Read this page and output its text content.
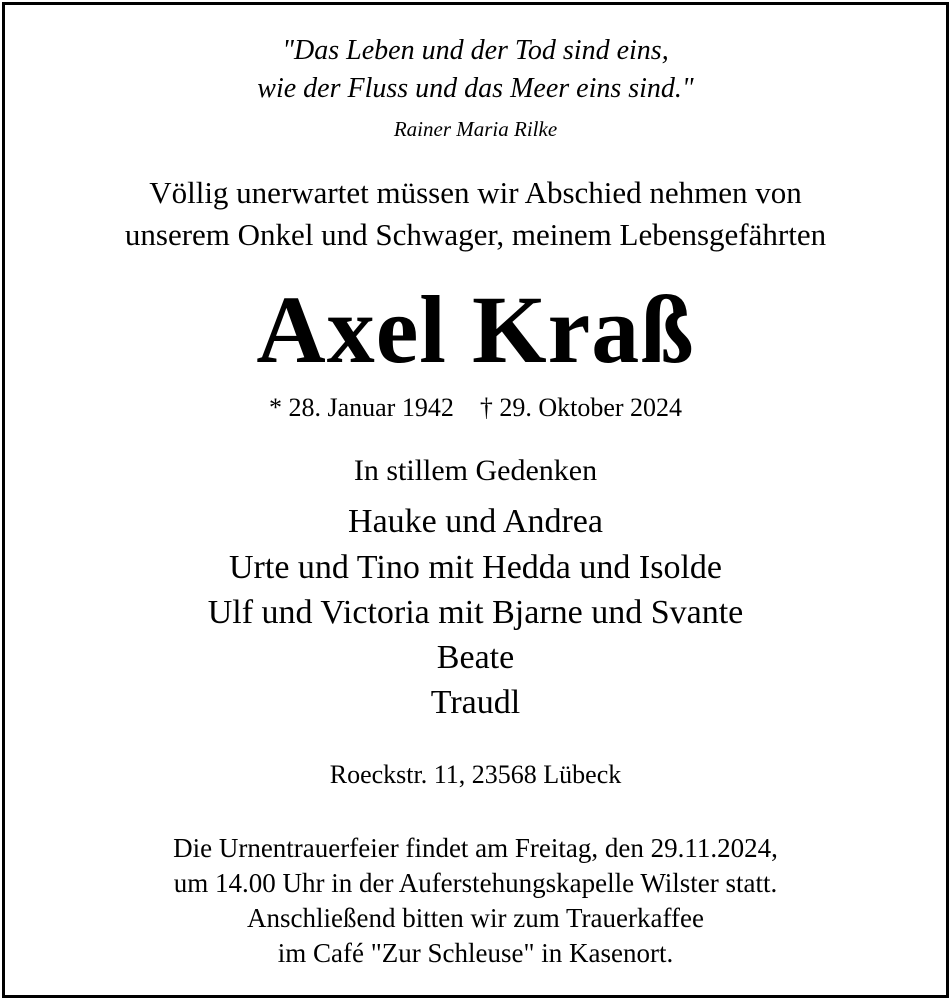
"Das Leben und der Tod sind eins,
wie der Fluss und das Meer eins sind."
Rainer Maria Rilke
Völlig unerwartet müssen wir Abschied nehmen von
unserem Onkel und Schwager, meinem Lebensgefährten
Axel Kraß
* 28. Januar 1942 † 29. Oktober 2024
In stillem Gedenken
Hauke und Andrea
Urte und Tino mit Hedda und Isolde
Ulf und Victoria mit Bjarne und Svante
Beate
Traudl
Roeckstr. 11, 23568 Lübeck
Die Urnentrauerfeier findet am Freitag, den 29.11.2024,
um 14.00 Uhr in der Auferstehungskapelle Wilster statt.
Anschließend bitten wir zum Trauerkaffee
im Café "Zur Schleuse" in Kasenort.
